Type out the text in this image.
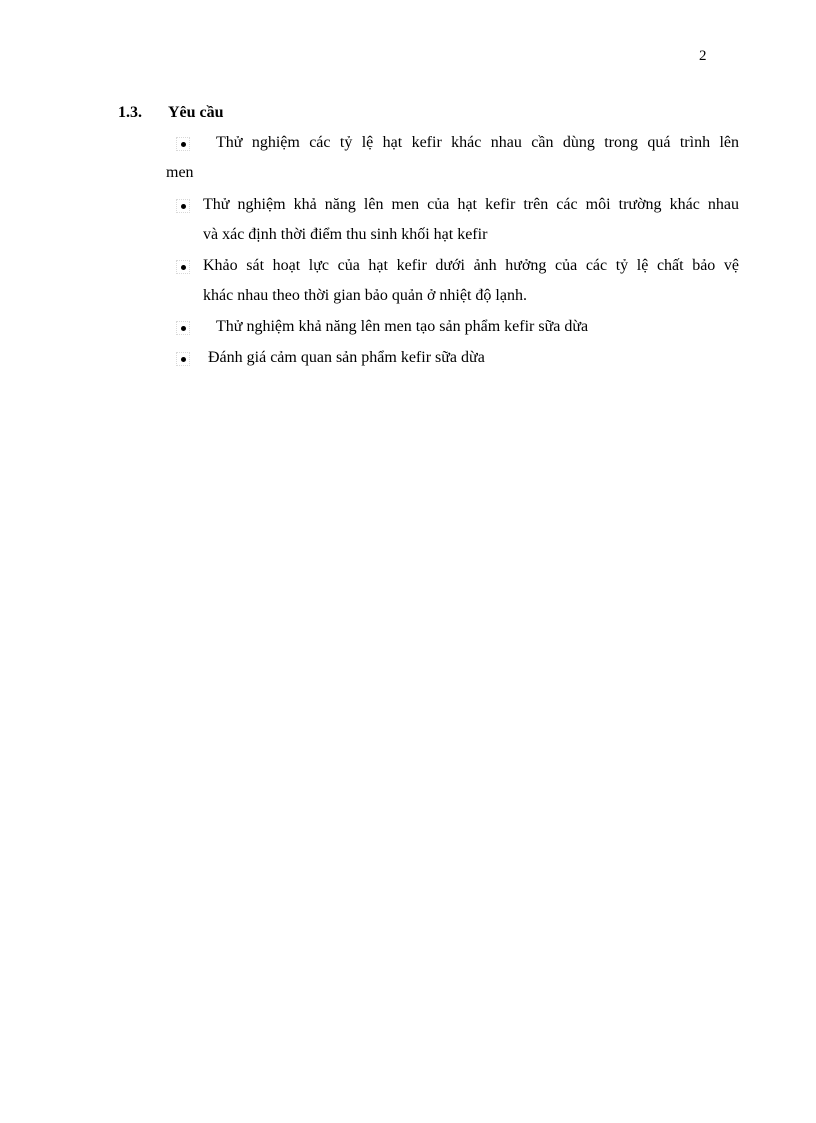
2
1.3. Yêu cầu
Thử nghiệm các tỷ lệ hạt kefir khác nhau cần dùng trong quá trình lên
men
Thử nghiệm khả năng lên men của hạt kefir trên các môi trường khác nhau
và xác định thời điểm thu sinh khối hạt kefir
Khảo sát hoạt lực của hạt kefir dưới ảnh hưởng của các tỷ lệ chất bảo vệ
khác nhau theo thời gian bảo quản ở nhiệt độ lạnh.
Thử nghiệm khả năng lên men tạo sản phẩm kefir sữa dừa
Đánh giá cảm quan sản phẩm kefir sữa dừa
